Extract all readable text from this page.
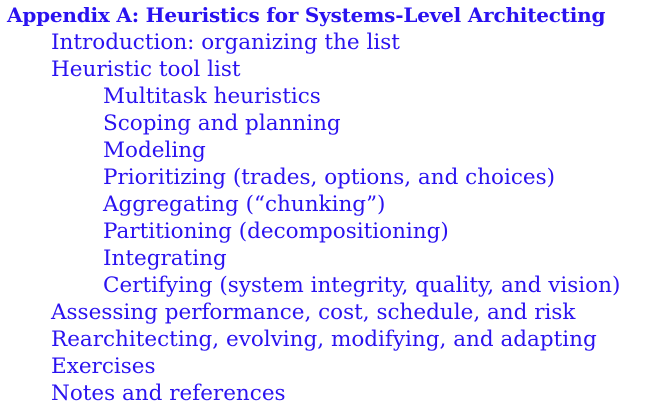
Appendix A: Heuristics for Systems-Level Architecting
Introduction: organizing the list
Heuristic tool list
Multitask heuristics
Scoping and planning
Modeling
Prioritizing (trades, options, and choices)
Aggregating (“chunking”)
Partitioning (decompositioning)
Integrating
Certifying (system integrity, quality, and vision)
Assessing performance, cost, schedule, and risk
Rearchitecting, evolving, modifying, and adapting
Exercises
Notes and references
